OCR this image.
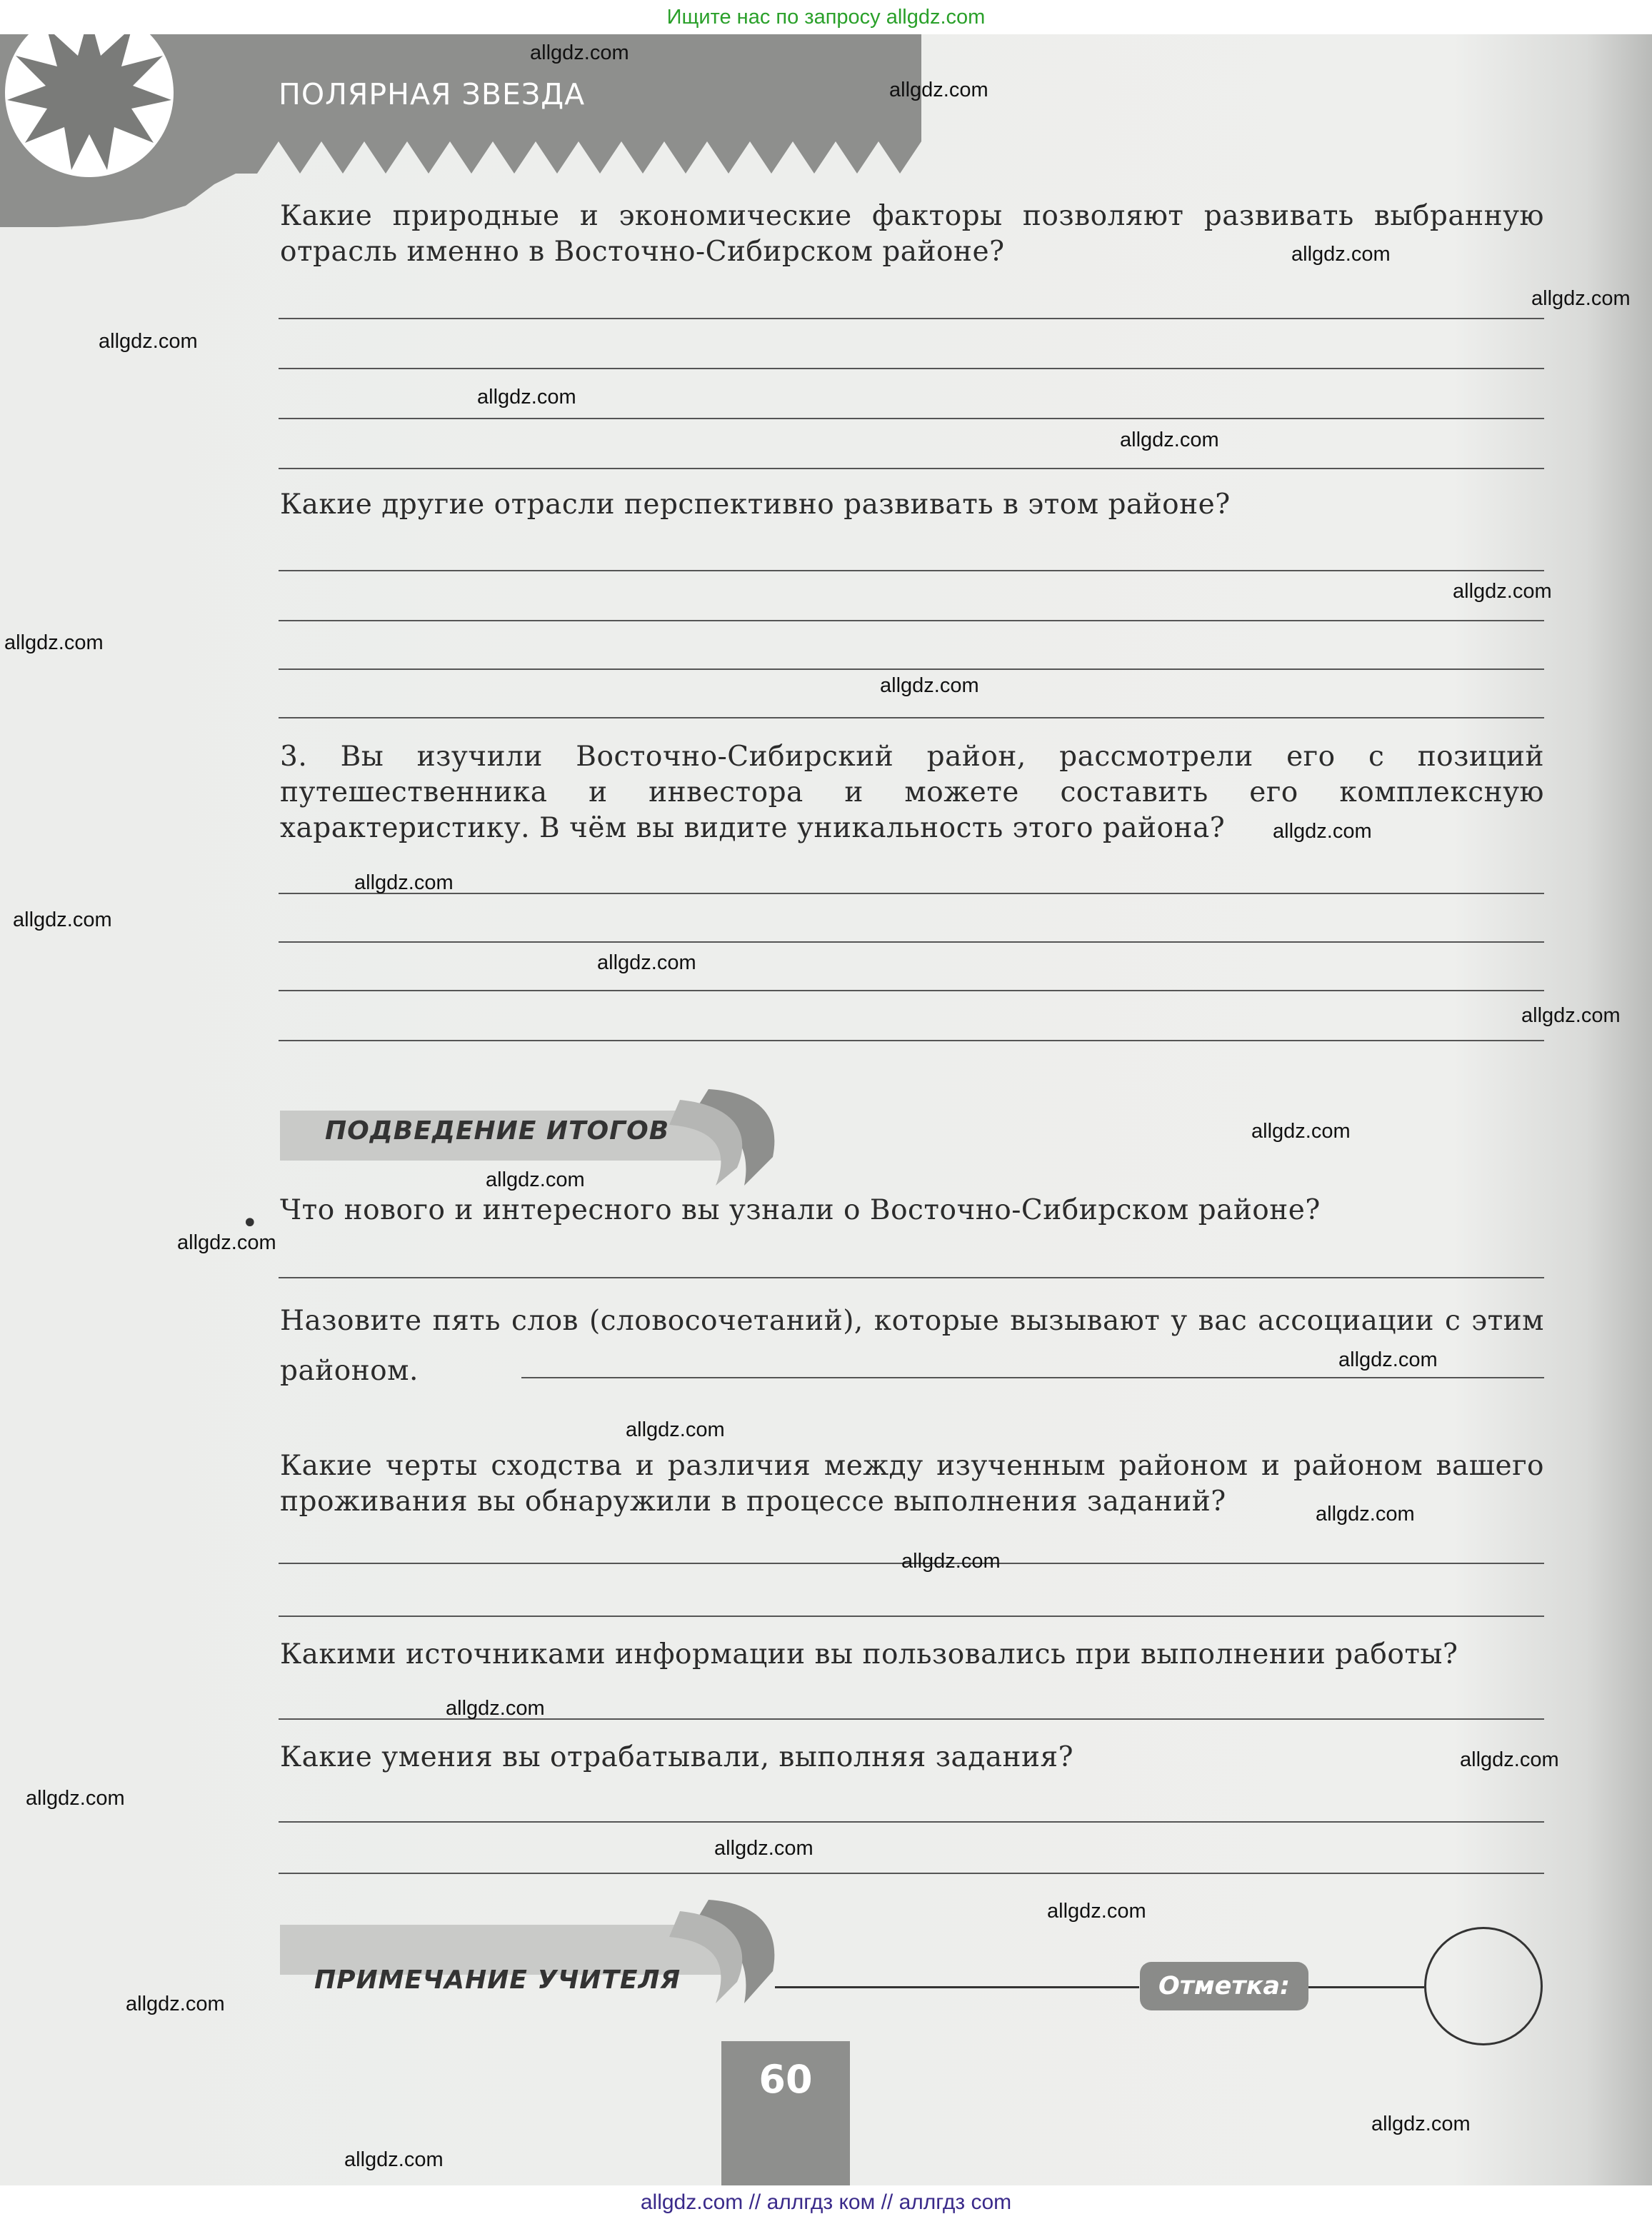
Ищите нас по запросу allgdz.com
ПОЛЯРНАЯ ЗВЕЗДА
Какие природные и экономические факторы позволяют развивать выбранную отрасль именно в Восточно-Сибирском районе?
Какие другие отрасли перспективно развивать в этом районе?
3. Вы изучили Восточно-Сибирский район, рассмотрели его с позиций путешественника и инвестора и можете составить его комплексную характеристику. В чём вы видите уникальность этого района?
ПОДВЕДЕНИЕ ИТОГОВ
• Что нового и интересного вы узнали о Восточно-Сибирском районе?
Назовите пять слов (словосочетаний), которые вызывают у вас ассоциации с этим районом.
Какие черты сходства и различия между изученным районом и районом вашего проживания вы обнаружили в процессе выполнения заданий?
Какими источниками информации вы пользовались при выполнении работы?
Какие умения вы отрабатывали, выполняя задания?
ПРИМЕЧАНИЕ УЧИТЕЛЯ	Отметка:
60
allgdz.com
allgdz.com
allgdz.com
allgdz.com
allgdz.com
allgdz.com
allgdz.com
allgdz.com
allgdz.com
allgdz.com
allgdz.com
allgdz.com
allgdz.com
allgdz.com
allgdz.com
allgdz.com
allgdz.com
allgdz.com
allgdz.com
allgdz.com
allgdz.com
allgdz.com
allgdz.com
allgdz.com
allgdz.com
allgdz.com
allgdz.com
allgdz.com
allgdz.com
allgdz.com
allgdz.com // аллгдз ком // аллгдз com
